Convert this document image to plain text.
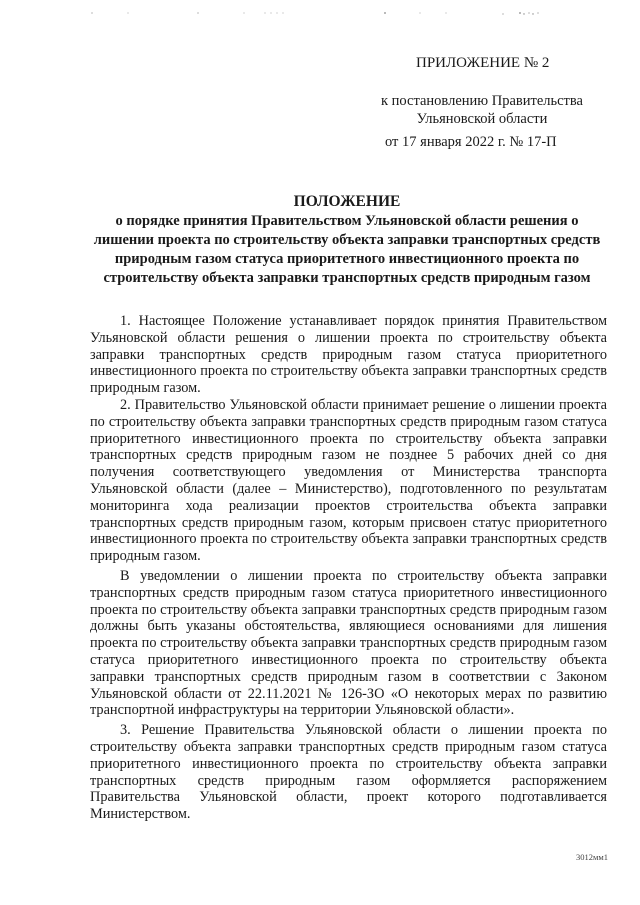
ПРИЛОЖЕНИЕ № 2
к постановлению Правительства
Ульяновской области
от 17 января 2022 г. № 17-П
ПОЛОЖЕНИЕ
о порядке принятия Правительством Ульяновской области решения о лишении проекта по строительству объекта заправки транспортных средств природным газом статуса приоритетного инвестиционного проекта по строительству объекта заправки транспортных средств природным газом

1. Настоящее Положение устанавливает порядок принятия Правительством Ульяновской области решения о лишении проекта по строительству объекта заправки транспортных средств природным газом статуса приоритетного инвестиционного проекта по строительству объекта заправки транспортных средств природным газом.

2. Правительство Ульяновской области принимает решение о лишении проекта по строительству объекта заправки транспортных средств природным газом статуса приоритетного инвестиционного проекта по строительству объекта заправки транспортных средств природным газом не позднее 5 рабочих дней со дня получения соответствующего уведомления от Министерства транспорта Ульяновской области (далее – Министерство), подготовленного по результатам мониторинга хода реализации проектов строительства объекта заправки транспортных средств природным газом, которым присвоен статус приоритетного инвестиционного проекта по строительству объекта заправки транспортных средств природным газом.

В уведомлении о лишении проекта по строительству объекта заправки транспортных средств природным газом статуса приоритетного инвестиционного проекта по строительству объекта заправки транспортных средств природным газом должны быть указаны обстоятельства, являющиеся основаниями для лишения проекта по строительству объекта заправки транспортных средств природным газом статуса приоритетного инвестиционного проекта по строительству объекта заправки транспортных средств природным газом в соответствии с Законом Ульяновской области от 22.11.2021 № 126-ЗО «О некоторых мерах по развитию транспортной инфраструктуры на территории Ульяновской области».

3. Решение Правительства Ульяновской области о лишении проекта по строительству объекта заправки транспортных средств природным газом статуса приоритетного инвестиционного проекта по строительству объекта заправки транспортных средств природным газом оформляется распоряжением Правительства Ульяновской области, проект которого подготавливается Министерством.

3012мм1
